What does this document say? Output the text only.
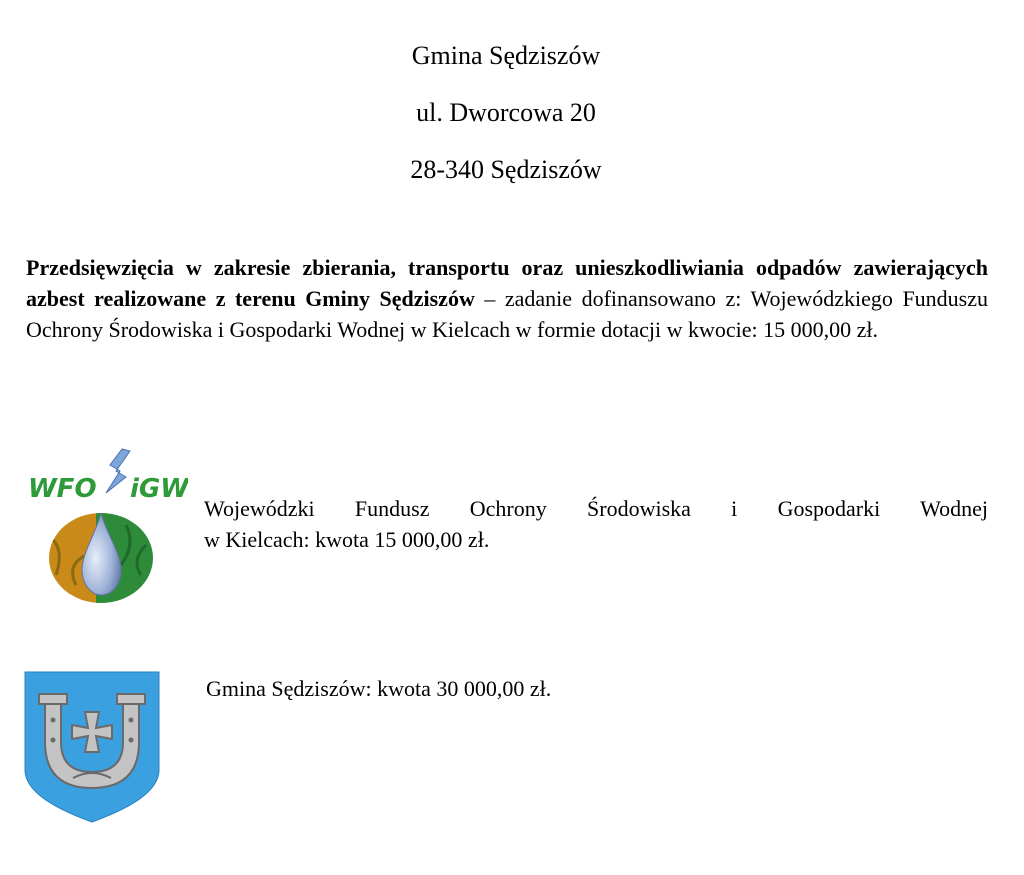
Gmina Sędziszów
ul. Dworcowa 20
28-340 Sędziszów
Przedsięwzięcia w zakresie zbierania, transportu oraz unieszkodliwiania odpadów zawierających azbest realizowane z terenu Gminy Sędziszów – zadanie dofinansowano z: Wojewódzkiego Funduszu Ochrony Środowiska i Gospodarki Wodnej w Kielcach w formie dotacji w kwocie: 15 000,00 zł.
WFO iGW
Wojewódzki Fundusz Ochrony Środowiska i Gospodarki Wodnej
w Kielcach: kwota 15 000,00 zł.
Gmina Sędziszów: kwota 30 000,00 zł.
